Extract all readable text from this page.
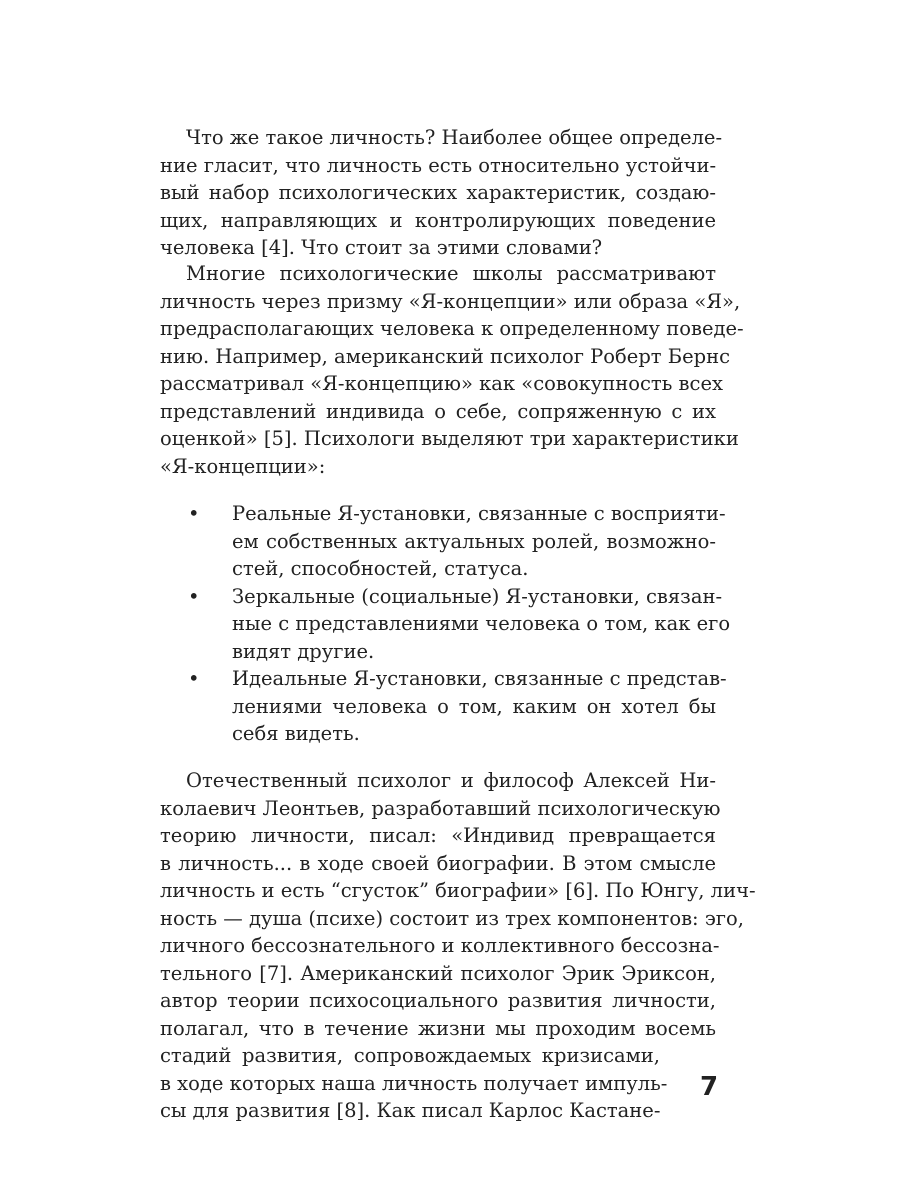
Что же такое личность? Наиболее общее определе-
ние гласит, что личность есть относительно устойчи-
вый набор психологических характеристик, создаю-
щих, направляющих и контролирующих поведение
человека [4]. Что стоит за этими словами?
Многие психологические школы рассматривают
личность через призму «Я-концепции» или образа «Я»,
предрасполагающих человека к определенному поведе-
нию. Например, американский психолог Роберт Бернс
рассматривал «Я-концепцию» как «совокупность всех
представлений индивида о себе, сопряженную с их
оценкой» [5]. Психологи выделяют три характеристики
«Я-концепции»:
• Реальные Я-установки, связанные с восприяти-
ем собственных актуальных ролей, возможно-
стей, способностей, статуса.
• Зеркальные (социальные) Я-установки, связан-
ные с представлениями человека о том, как его
видят другие.
• Идеальные Я-установки, связанные с представ-
лениями человека о том, каким он хотел бы
себя видеть.
Отечественный психолог и философ Алексей Ни-
колаевич Леонтьев, разработавший психологическую
теорию личности, писал: «Индивид превращается
в личность... в ходе своей биографии. В этом смысле
личность и есть “сгусток” биографии» [6]. По Юнгу, лич-
ность — душа (психе) состоит из трех компонентов: эго,
личного бессознательного и коллективного бессозна-
тельного [7]. Американский психолог Эрик Эриксон,
автор теории психосоциального развития личности,
полагал, что в течение жизни мы проходим восемь
стадий развития, сопровождаемых кризисами,
в ходе которых наша личность получает импуль-
сы для развития [8]. Как писал Карлос Кастане-
7
